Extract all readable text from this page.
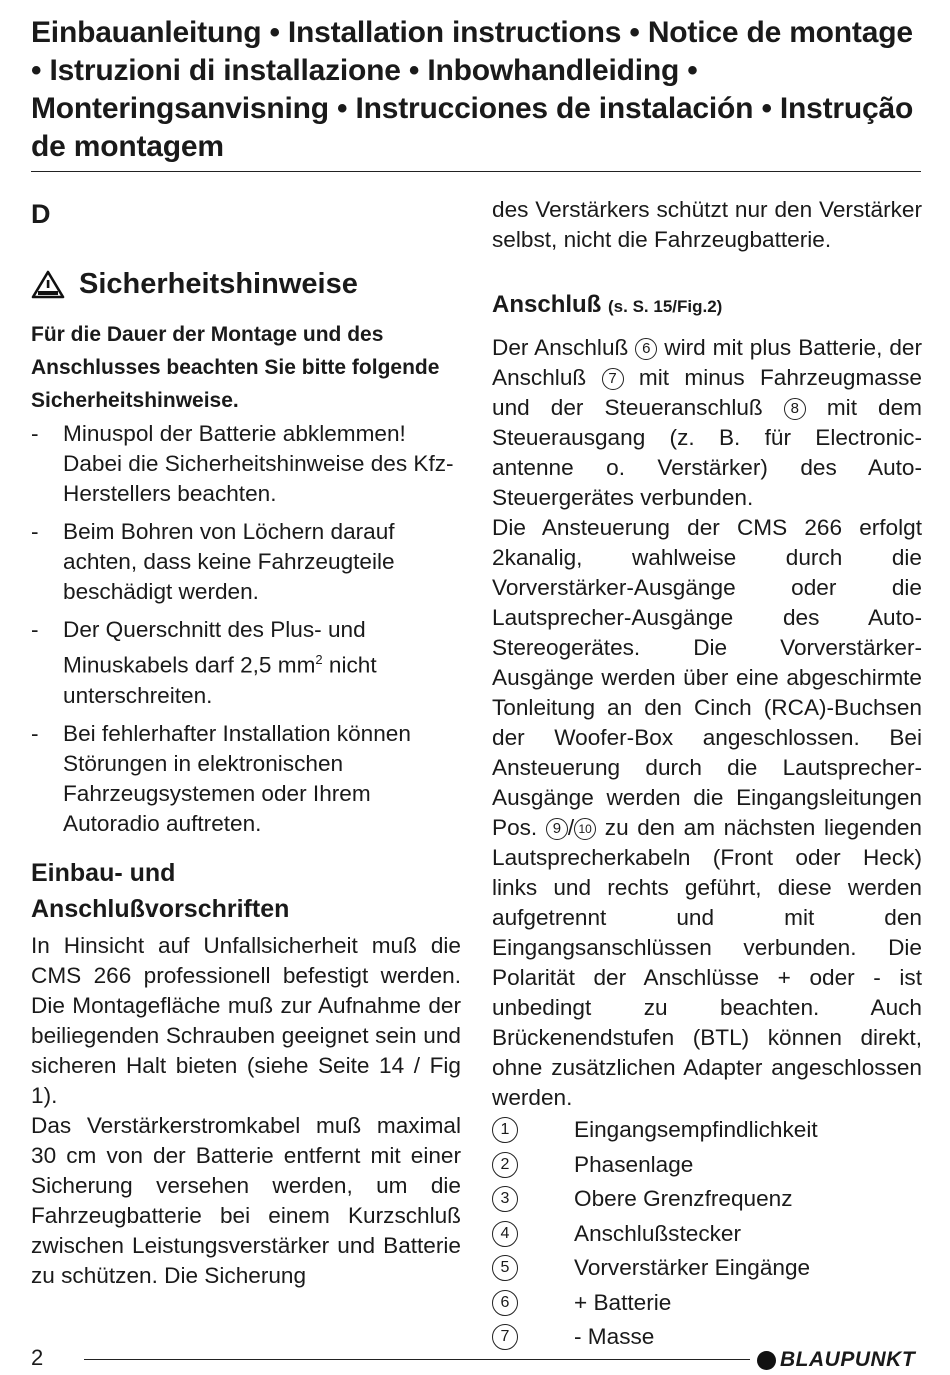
Einbauanleitung • Installation instructions • Notice de montage • Istruzioni di installazione • Inbowhandleiding • Monteringsanvisning • Instrucciones de instalación • Instrução de montagem
D
Sicherheitshinweise
Für die Dauer der Montage und des Anschlusses beachten Sie bitte folgende Sicherheitshinweise.
- Minuspol der Batterie abklemmen! Dabei die Sicherheitshinweise des Kfz- Herstellers beachten.
- Beim Bohren von Löchern darauf achten, dass keine Fahrzeugteile beschädigt werden.
- Der Querschnitt des Plus- und Minuskabels darf 2,5 $mm^2$ nicht unterschreiten.
- Bei fehlerhafter Installation können Störungen in elektronischen Fahrzeugsystemen oder Ihrem Autoradio auftreten.
Einbau- und
Anschlußvorschriften

In Hinsicht auf Unfallsicherheit muß die CMS 266 professionell befestigt werden. Die Montagefläche muß zur Aufnahme der beiliegenden Schrauben geeignet sein und sicheren Halt bieten (siehe Seite 14 / Fig 1).

Das Verstärkerstromkabel muß maximal 30 cm von der Batterie entfernt mit einer Sicherung versehen werden, um die Fahrzeugbatterie bei einem Kurzschluß zwischen Leistungsverstärker und Batterie zu schützen. Die Sicherung

des Verstärkers schützt nur den Verstärker selbst, nicht die Fahrzeugbatterie.

Anschluß (s. S. 15/Fig.2)

Der Anschluß 6 wird mit plus Batterie, der Anschluß 7 mit minus Fahrzeugmasse und der Steueranschluß 8 mit dem Steuerausgang (z. B. für Electronic-antenne o. Verstärker) des Auto-Steuergerätes verbunden.

Die Ansteuerung der CMS 266 erfolgt 2kanalig, wahlweise durch die Vorverstärker-Ausgänge oder die Lautsprecher-Ausgänge des Auto-Stereogerätes. Die Vorverstärker-Ausgänge werden über eine abgeschirmte Tonleitung an den Cinch (RCA)-Buchsen der Woofer-Box angeschlossen. Bei Ansteuerung durch die Lautsprecher-Ausgänge werden die Eingangsleitungen Pos. 9 / 10 zu den am nächsten liegenden Lautsprecherkabeln (Front oder Heck) links und rechts geführt, diese werden aufgetrennt und mit den Eingangsanschlüssen verbunden. Die Polarität der Anschlüsse + oder - ist unbedingt zu beachten. Auch Brückenendstufen (BTL) können direkt, ohne zusätzlichen Adapter angeschlossen werden.

1	Eingangsempfindlichkeit
2	Phasenlage
3	Obere Grenzfrequenz
4	Anschlußstecker
5	Vorverstärker Eingänge
6	+ Batterie
7	- Masse
2	BLAUPUNKT
